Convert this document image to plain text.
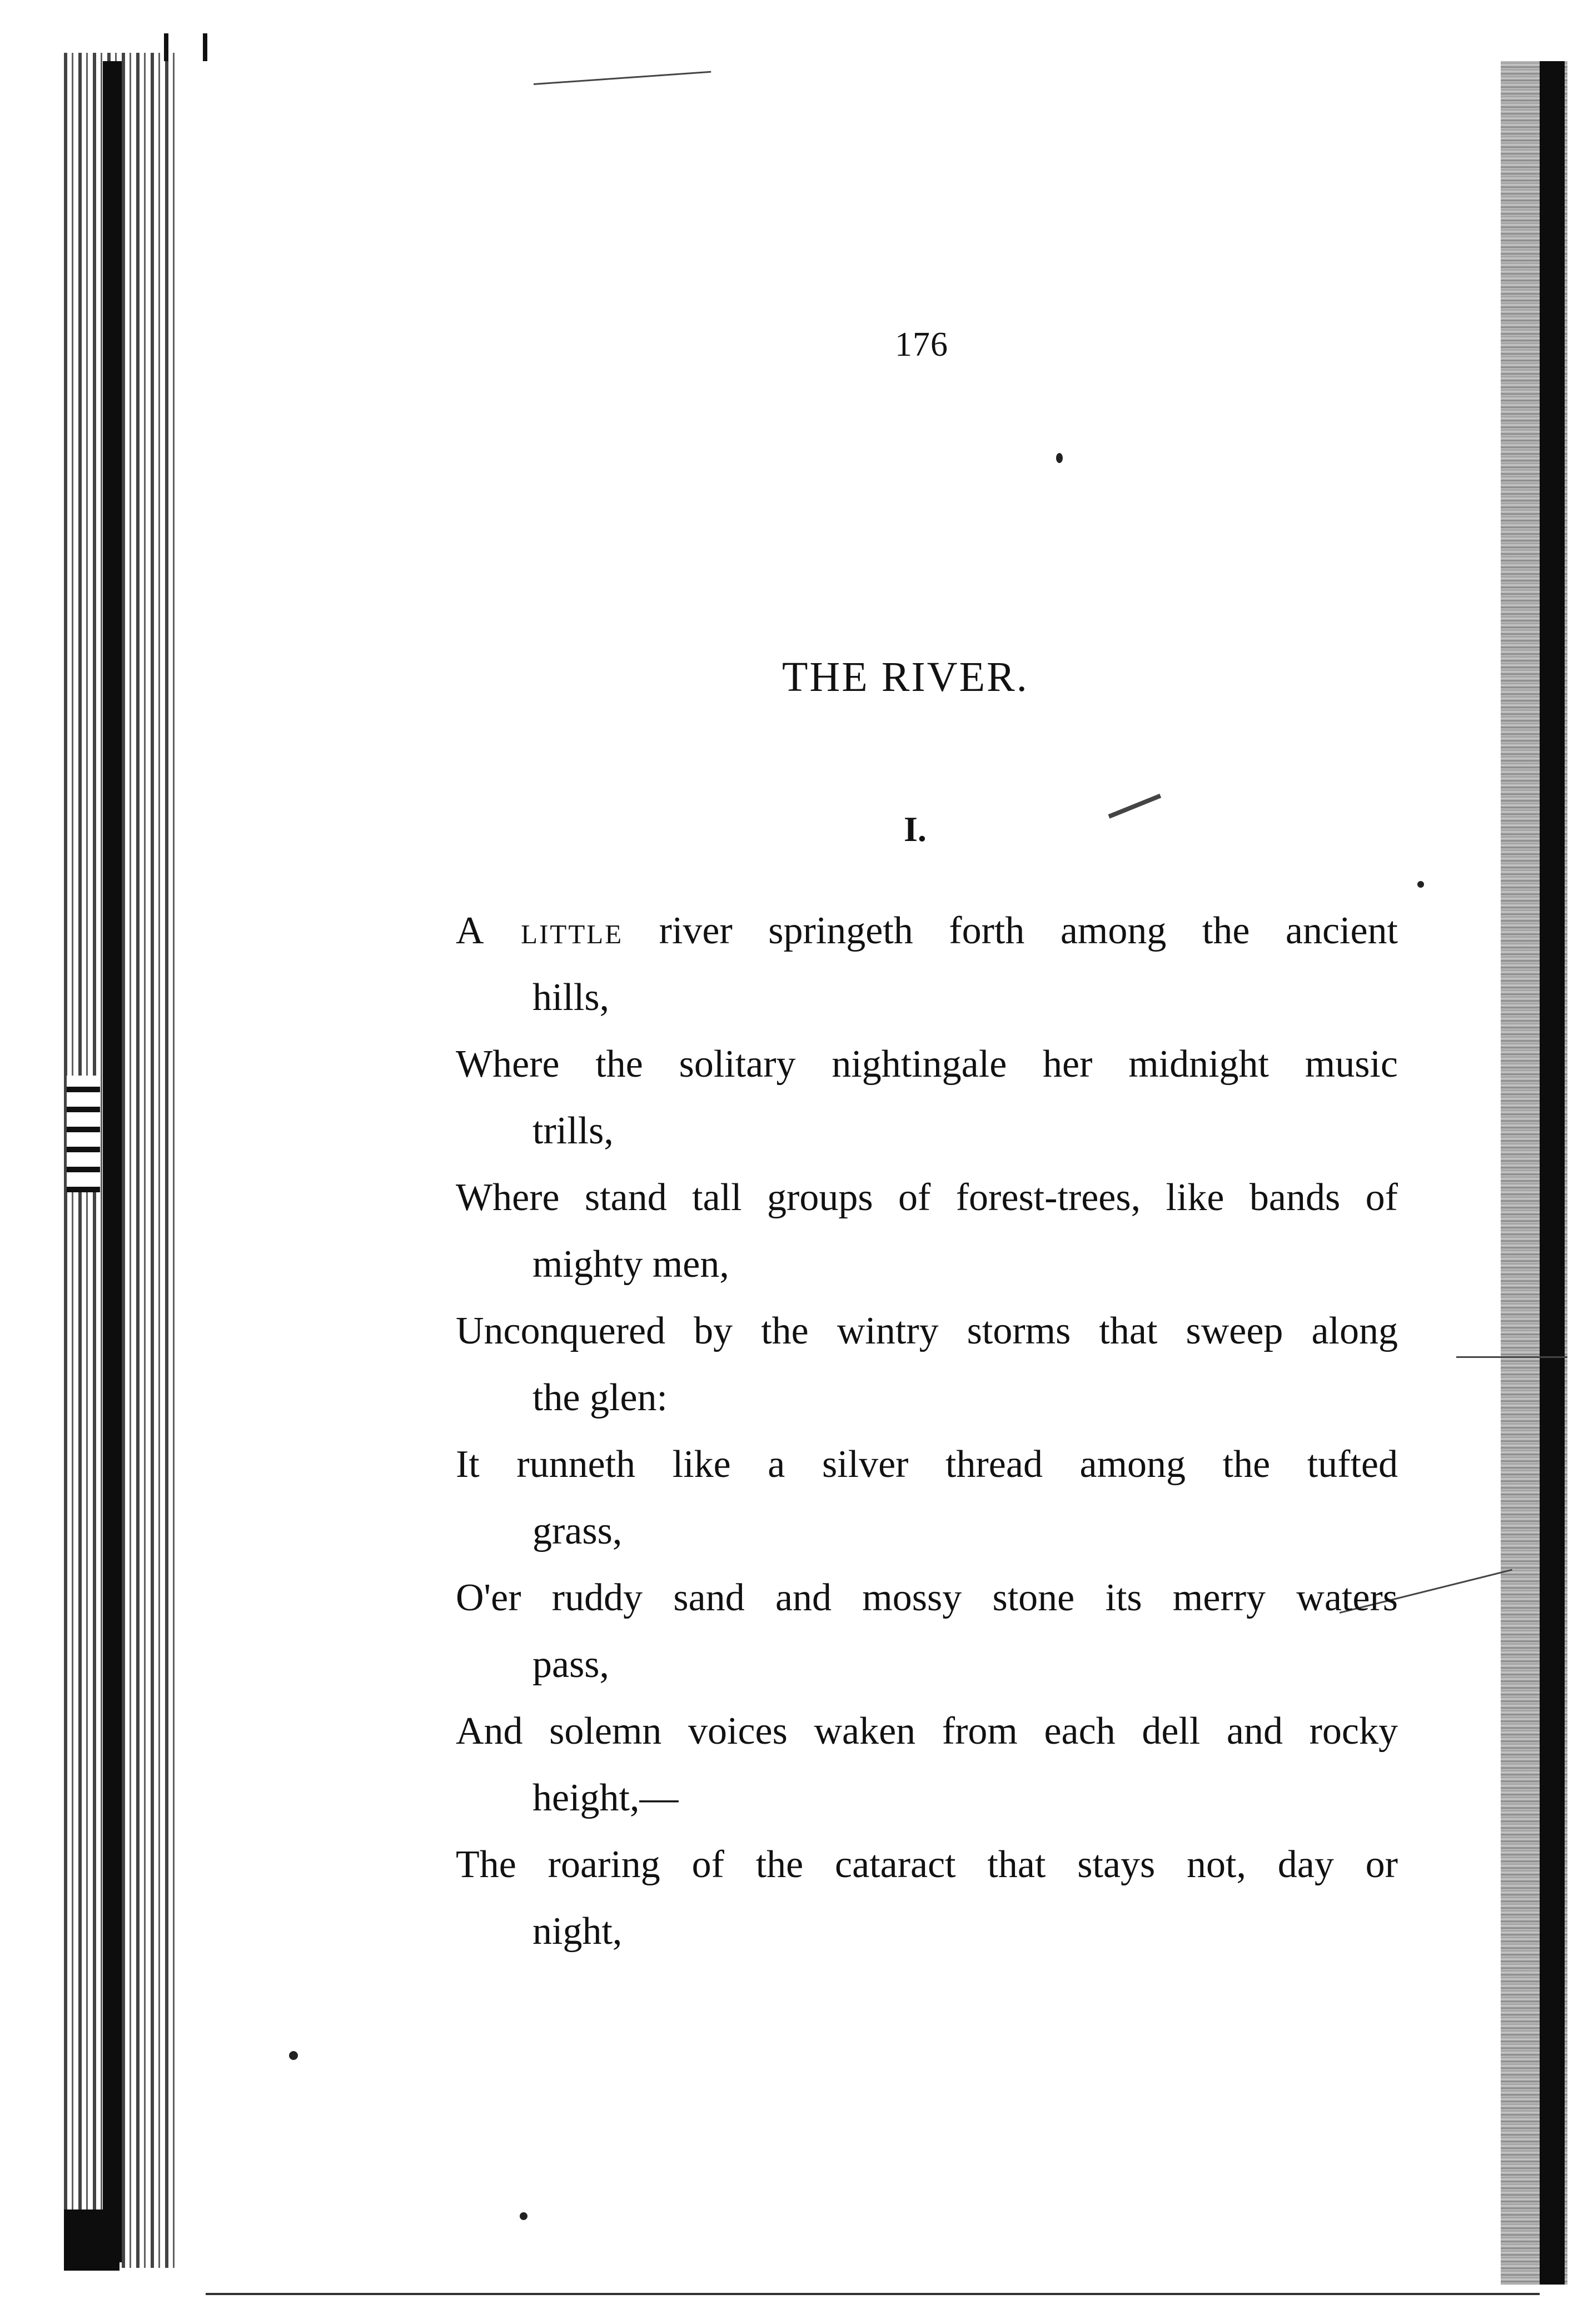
176
THE RIVER.
I.
A little river springeth forth among the ancient
hills,
Where the solitary nightingale her midnight music
trills,
Where stand tall groups of forest-trees, like bands of
mighty men,
Unconquered by the wintry storms that sweep along
the glen:
It runneth like a silver thread among the tufted
grass,
O'er ruddy sand and mossy stone its merry waters
pass,
And solemn voices waken from each dell and rocky
height,—
The roaring of the cataract that stays not, day or
night,
